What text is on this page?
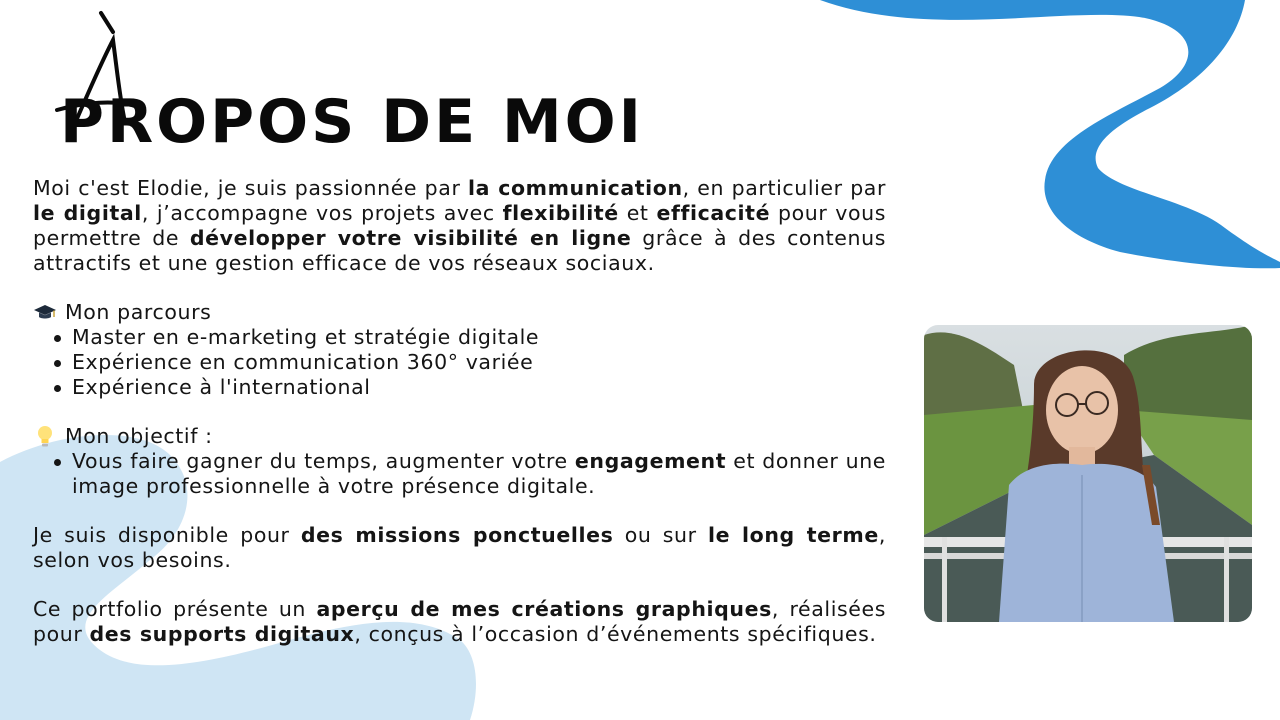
PROPOS DE MOI

Moi c'est Elodie, je suis passionnée par la communication, en particulier par le digital, j’accompagne vos projets avec flexibilité et efficacité pour vous permettre de développer votre visibilité en ligne grâce à des contenus attractifs et une gestion efficace de vos réseaux sociaux.

Mon parcours
Master en e-marketing et stratégie digitale
Expérience en communication 360° variée
Expérience à l'international
Mon objectif :
Vous faire gagner du temps, augmenter votre engagement et donner une image professionnelle à votre présence digitale.

Je suis disponible pour des missions ponctuelles ou sur le long terme, selon vos besoins.

Ce portfolio présente un aperçu de mes créations graphiques, réalisées pour des supports digitaux, conçus à l’occasion d’événements spécifiques.
